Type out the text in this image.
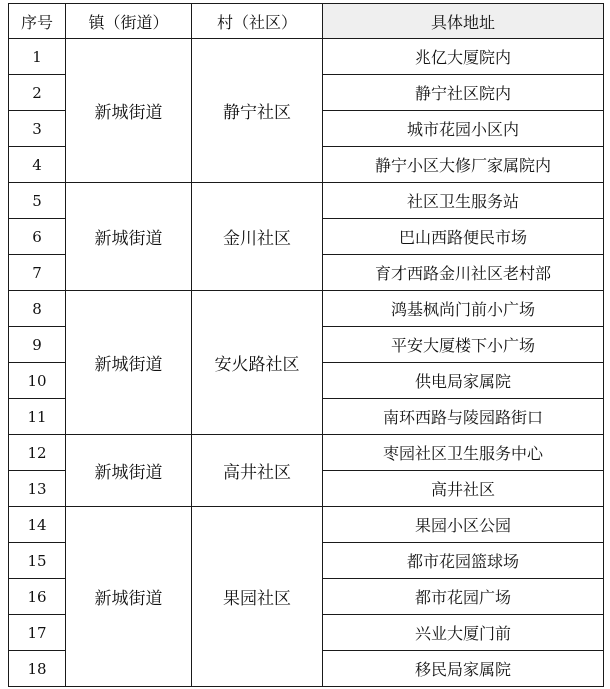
序号	镇（街道）	村（社区）	具体地址
1	新城街道	静宁社区	兆亿大厦院内
2			静宁社区院内
3			城市花园小区内
4			静宁小区大修厂家属院内
5	新城街道	金川社区	社区卫生服务站
6			巴山西路便民市场
7			育才西路金川社区老村部
8	新城街道	安火路社区	鸿基枫尚门前小广场
9			平安大厦楼下小广场
10			供电局家属院
11			南环西路与陵园路街口
12	新城街道	高井社区	枣园社区卫生服务中心
13			高井社区
14	新城街道	果园社区	果园小区公园
15			都市花园篮球场
16			都市花园广场
17			兴业大厦门前
18			移民局家属院
